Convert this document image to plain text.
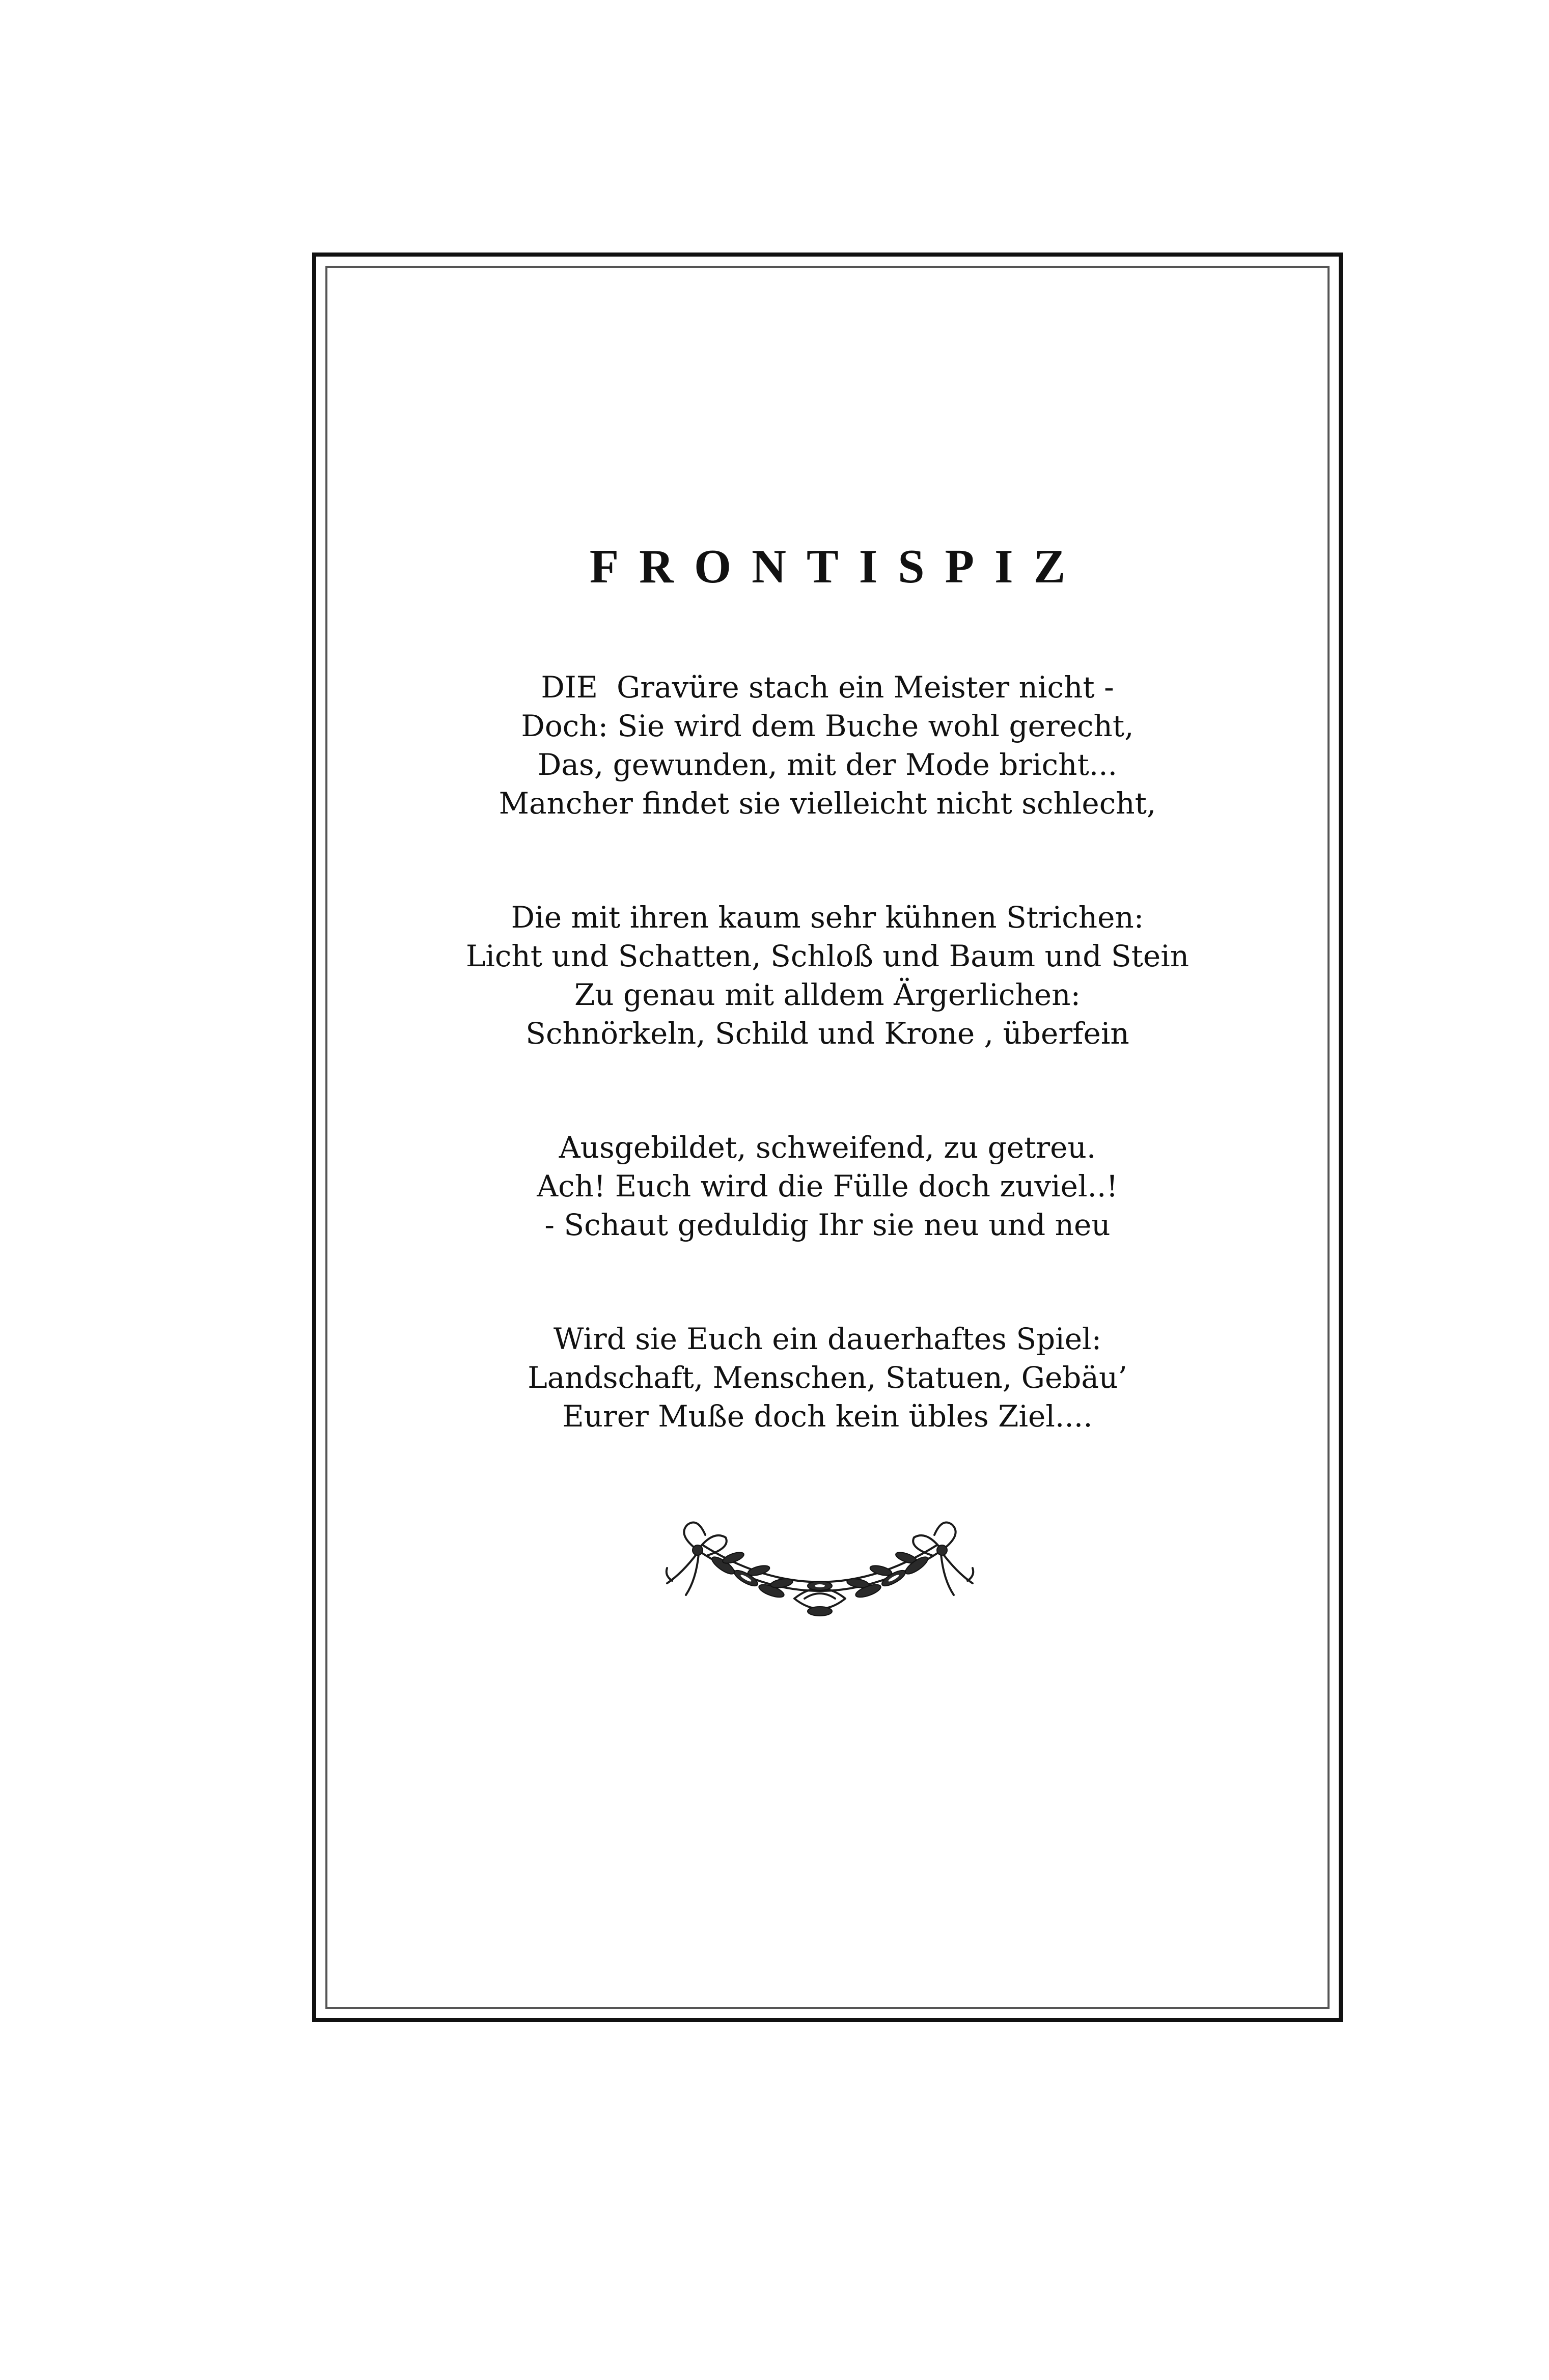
FRONTISPIZ
DIE  Gravüre stach ein Meister nicht -
Doch: Sie wird dem Buche wohl gerecht,
Das, gewunden, mit der Mode bricht...
Mancher findet sie vielleicht nicht schlecht,
Die mit ihren kaum sehr kühnen Strichen:
Licht und Schatten, Schloß und Baum und Stein
Zu genau mit alldem Ärgerlichen:
Schnörkeln, Schild und Krone , überfein
Ausgebildet, schweifend, zu getreu.
Ach! Euch wird die Fülle doch zuviel..!
- Schaut geduldig Ihr sie neu und neu
Wird sie Euch ein dauerhaftes Spiel:
Landschaft, Menschen, Statuen, Gebäu’
Eurer Muße doch kein übles Ziel....
